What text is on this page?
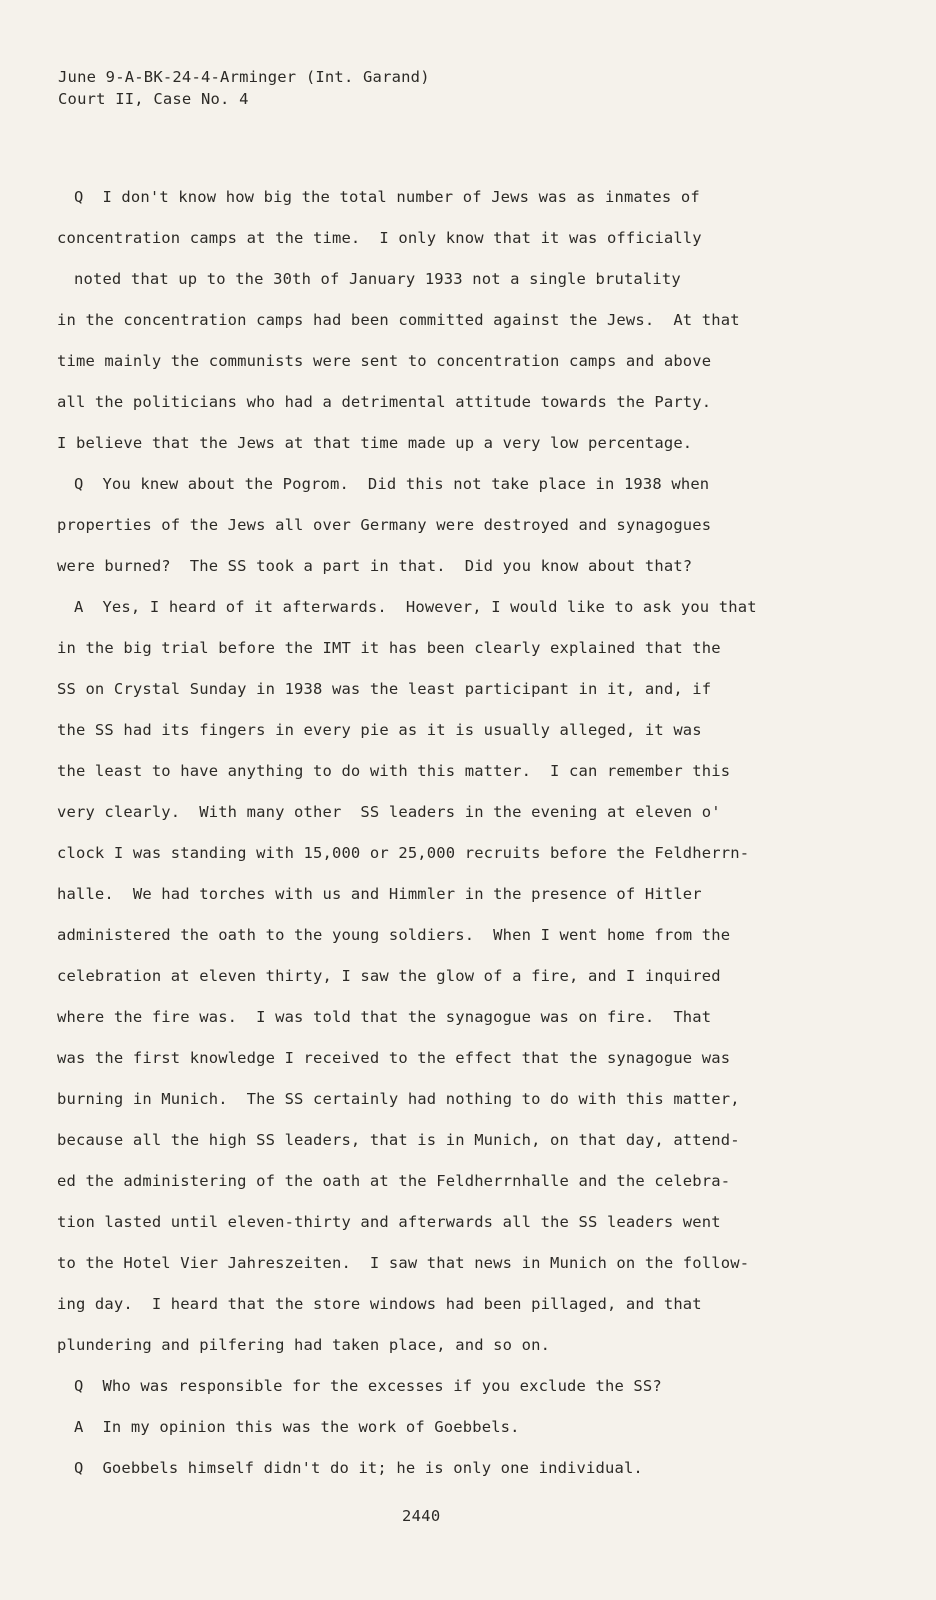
June 9-A-BK-24-4-Arminger (Int. Garand)
Court II, Case No. 4
Q  I don't know how big the total number of Jews was as inmates of
concentration camps at the time.  I only know that it was officially
noted that up to the 30th of January 1933 not a single brutality
in the concentration camps had been committed against the Jews.  At that
time mainly the communists were sent to concentration camps and above
all the politicians who had a detrimental attitude towards the Party.
I believe that the Jews at that time made up a very low percentage.
Q  You knew about the Pogrom.  Did this not take place in 1938 when
properties of the Jews all over Germany were destroyed and synagogues
were burned?  The SS took a part in that.  Did you know about that?
A  Yes, I heard of it afterwards.  However, I would like to ask you that
in the big trial before the IMT it has been clearly explained that the
SS on Crystal Sunday in 1938 was the least participant in it, and, if
the SS had its fingers in every pie as it is usually alleged, it was
the least to have anything to do with this matter.  I can remember this
very clearly.  With many other  SS leaders in the evening at eleven o'
clock I was standing with 15,000 or 25,000 recruits before the Feldherrn-
halle.  We had torches with us and Himmler in the presence of Hitler
administered the oath to the young soldiers.  When I went home from the
celebration at eleven thirty, I saw the glow of a fire, and I inquired
where the fire was.  I was told that the synagogue was on fire.  That
was the first knowledge I received to the effect that the synagogue was
burning in Munich.  The SS certainly had nothing to do with this matter,
because all the high SS leaders, that is in Munich, on that day, attend-
ed the administering of the oath at the Feldherrnhalle and the celebra-
tion lasted until eleven-thirty and afterwards all the SS leaders went
to the Hotel Vier Jahreszeiten.  I saw that news in Munich on the follow-
ing day.  I heard that the store windows had been pillaged, and that
plundering and pilfering had taken place, and so on.
Q  Who was responsible for the excesses if you exclude the SS?
A  In my opinion this was the work of Goebbels.
Q  Goebbels himself didn't do it; he is only one individual.
2440
